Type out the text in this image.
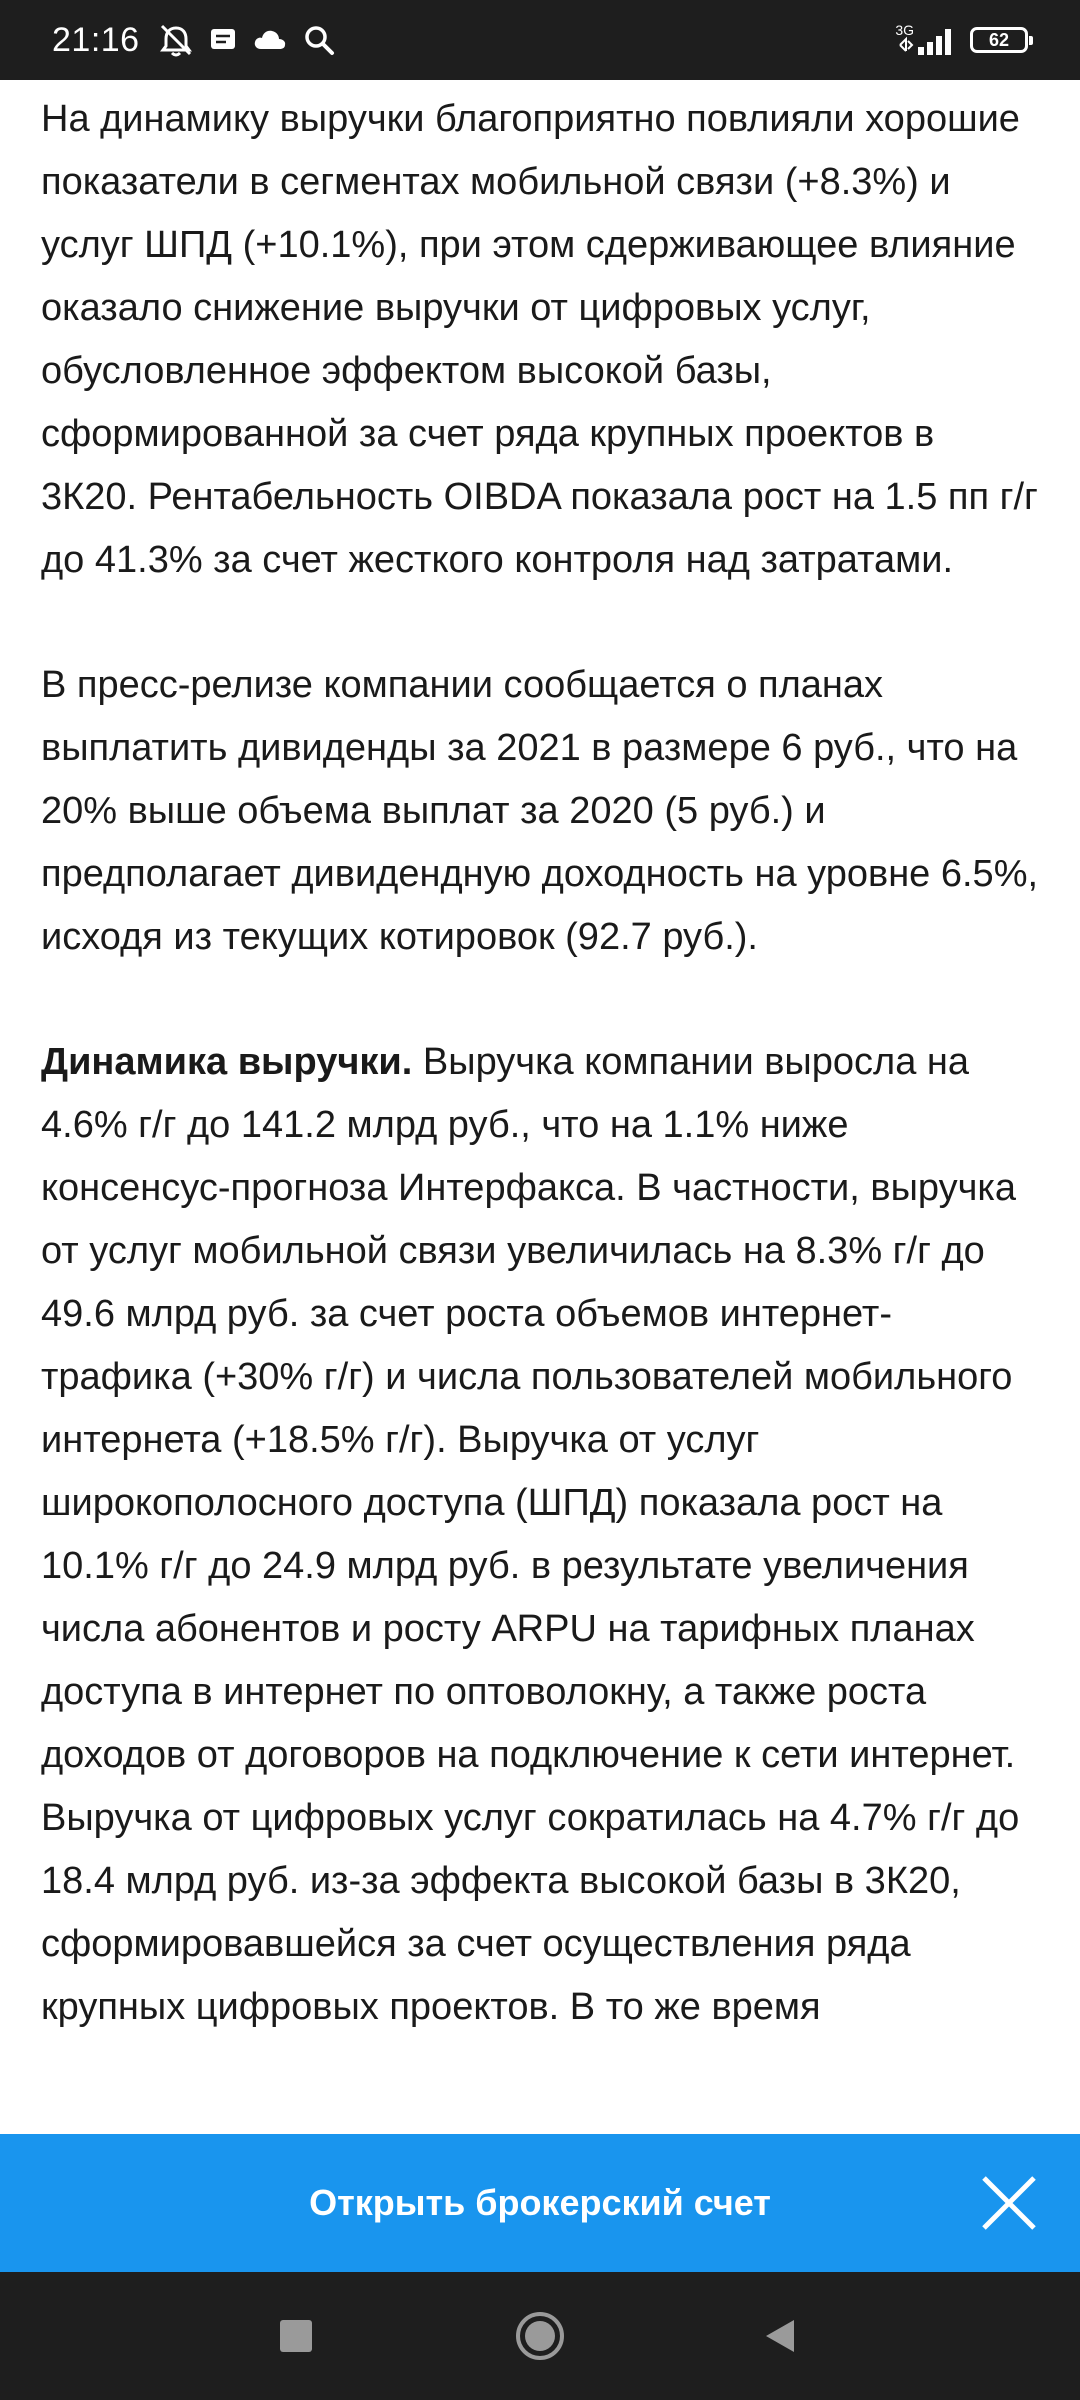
21:16	3G	62

На динамику выручки благоприятно повлияли хорошие показатели в сегментах мобильной связи (+8.3%) и услуг ШПД (+10.1%), при этом сдерживающее влияние оказало снижение выручки от цифровых услуг, обусловленное эффектом высокой базы, сформированной за счет ряда крупных проектов в 3К20. Рентабельность OIBDA показала рост на 1.5 пп г/г до 41.3% за счет жесткого контроля над затратами.

В пресс-релизе компании сообщается о планах выплатить дивиденды за 2021 в размере 6 руб., что на 20% выше объема выплат за 2020 (5 руб.) и предполагает дивидендную доходность на уровне 6.5%, исходя из текущих котировок (92.7 руб.).

Динамика выручки. Выручка компании выросла на 4.6% г/г до 141.2 млрд руб., что на 1.1% ниже консенсус-прогноза Интерфакса. В частности, выручка от услуг мобильной связи увеличилась на 8.3% г/г до 49.6 млрд руб. за счет роста объемов интернет-трафика (+30% г/г) и числа пользователей мобильного интернета (+18.5% г/г). Выручка от услуг широкополосного доступа (ШПД) показала рост на 10.1% г/г до 24.9 млрд руб. в результате увеличения числа абонентов и росту ARPU на тарифных планах доступа в интернет по оптоволокну, а также роста доходов от договоров на подключение к сети интернет. Выручка от цифровых услуг сократилась на 4.7% г/г до 18.4 млрд руб. из-за эффекта высокой базы в 3К20, сформировавшейся за счет осуществления ряда крупных цифровых проектов. В то же время

Открыть брокерский счет
